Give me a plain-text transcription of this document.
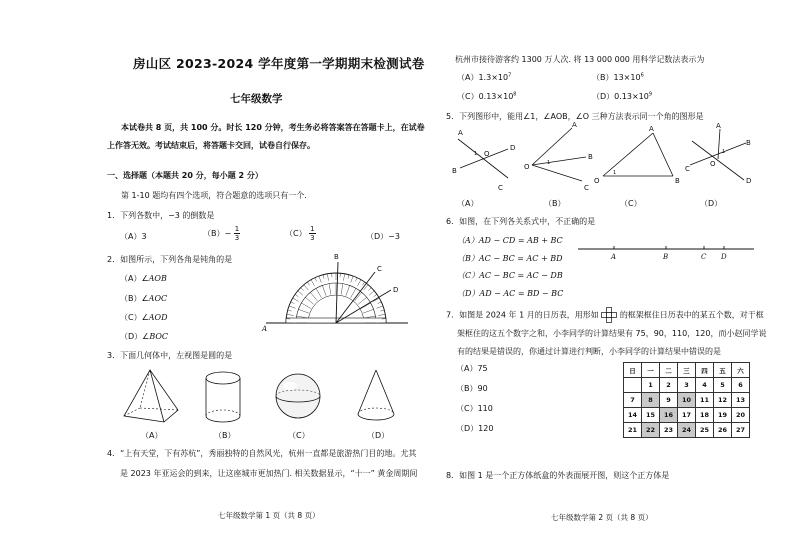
房山区 2023-2024 学年度第一学期期末检测试卷
七年级数学
本试卷共 8 页，共 100 分。时长 120 分钟，考生务必将答案答在答题卡上，在试卷
上作答无效。考试结束后，将答题卡交回，试卷自行保存。
一、选择题（本题共 20 分，每小题 2 分）
第 1-10 题均有四个选项，符合题意的选项只有一个.
1．下列各数中，−3 的倒数是
（A）3	$(B)- \frac{1}{3}$	$(C) \frac{1}{3}$	（D）−3
2．如图所示，下列各角是钝角的是
（A）∠AOB
（B）∠AOC
（C）∠AOD
（D）∠BOC
A
B
C
D
3．下面几何体中，左视图是圆的是
（A）	（B）	（C）	（D）
4．“上有天堂，下有苏杭”，秀丽独特的自然风光，杭州一直都是旅游热门目的地。尤其
是 2023 年亚运会的到来，让这座城市更加热门. 相关数据显示，“十一” 黄金周期间
七年级数学第 1 页（共 8 页）
杭州市接待游客约 1300 万人次. 将 13 000 000 用科学记数法表示为
$(A)1.3\times 10^7$	$(B)13\times 10^6$
$(C)0.13\times 10^8$	$(D)0.13\times 10^9$
5．下列图形中，能用∠1，∠AOB，∠O 三种方法表示同一个角的图形是
A
B
O
D
C
1
A
B
C
O	1
O
A
B
1
A
B
C
D
O
1
（A）	（B）	（C）	（D）
6．如图，在下列各关系式中，不正确的是
（A）AD − CD = AB + BC
（B）AC − BC = AC + BD
（C）AC − BC = AC − DB
（D）AD − AC = BD − BC
A	B	C D
7．如图是 2024 年 1 月的日历表，用形如	的框架框住日历表中的某五个数，对于框
架框住的这五个数字之和，小李同学的计算结果有 75，90，110，120，而小赵同学说
有的结果是错误的，你通过计算进行判断，小李同学的计算结果中错误的是
（A）75
（B）90
（C）110
（D）120
日	一	二	三	四	五	六
	1	2	3	4	5	6
7	8	9	10	11	12	13
14	15	16	17	18	19	20
21	22	23	24	25	26	27
8．如图 1 是一个正方体纸盒的外表面展开图，则这个正方体是
七年级数学第 2 页（共 8 页）
